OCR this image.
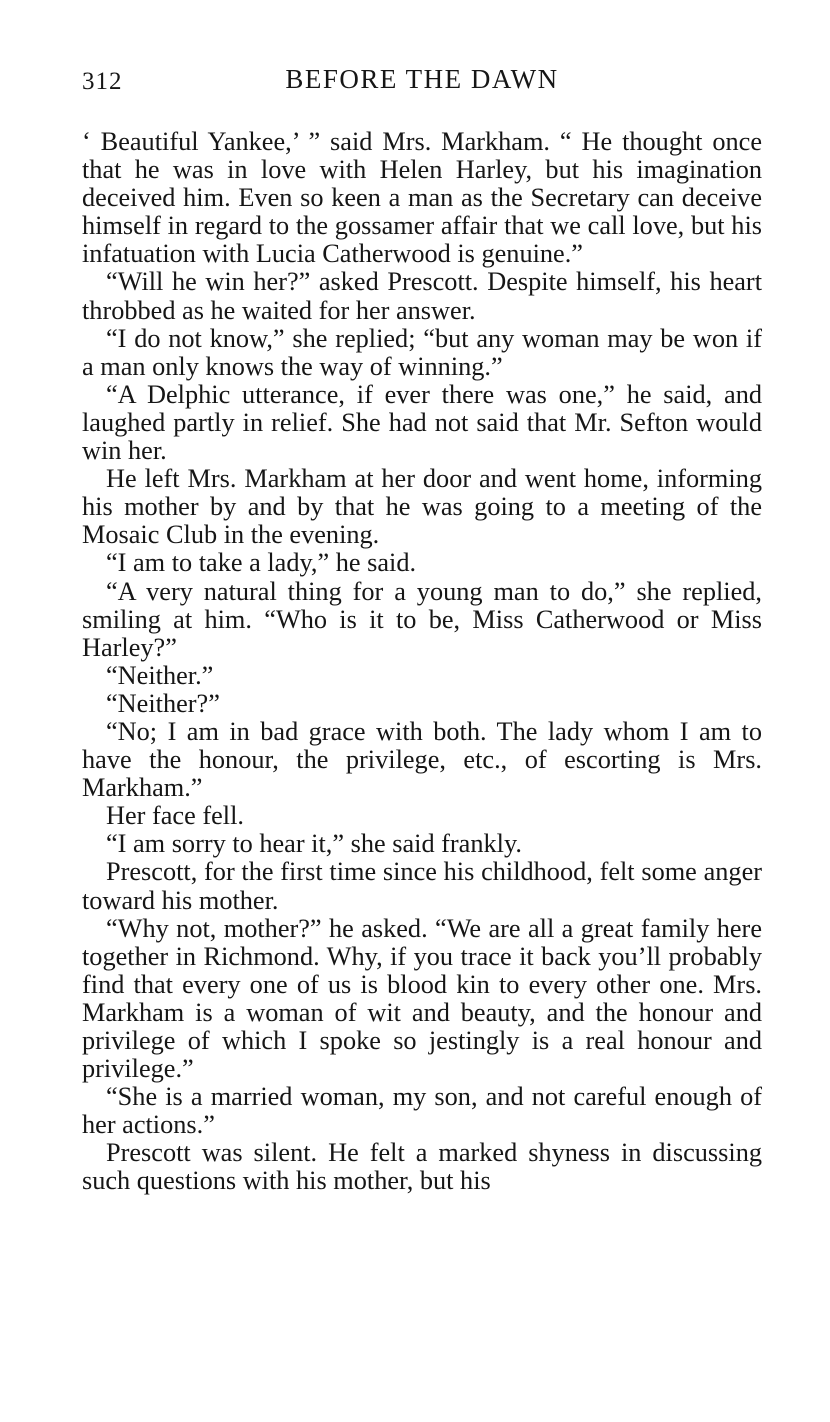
312	BEFORE THE DAWN

‘ Beautiful Yankee,’ ” said Mrs. Markham. “ He thought once that he was in love with Helen Harley, but his imagination deceived him. Even so keen a man as the Secretary can deceive himself in regard to the gossamer affair that we call love, but his infatuation with Lucia Catherwood is genuine.”

“Will he win her?” asked Prescott. Despite himself, his heart throbbed as he waited for her answer.

“I do not know,” she replied; “but any woman may be won if a man only knows the way of winning.”

“A Delphic utterance, if ever there was one,” he said, and laughed partly in relief. She had not said that Mr. Sefton would win her.

He left Mrs. Markham at her door and went home, informing his mother by and by that he was going to a meeting of the Mosaic Club in the evening.

“I am to take a lady,” he said.

“A very natural thing for a young man to do,” she replied, smiling at him. “Who is it to be, Miss Catherwood or Miss Harley?”

“Neither.”

“Neither?”

“No; I am in bad grace with both. The lady whom I am to have the honour, the privilege, etc., of escorting is Mrs. Markham.”

Her face fell.

“I am sorry to hear it,” she said frankly.

Prescott, for the first time since his childhood, felt some anger toward his mother.

“Why not, mother?” he asked. “We are all a great family here together in Richmond. Why, if you trace it back you’ll probably find that every one of us is blood kin to every other one. Mrs. Markham is a woman of wit and beauty, and the honour and privilege of which I spoke so jestingly is a real honour and privilege.”

“She is a married woman, my son, and not careful enough of her actions.”

Prescott was silent. He felt a marked shyness in discussing such questions with his mother, but his
